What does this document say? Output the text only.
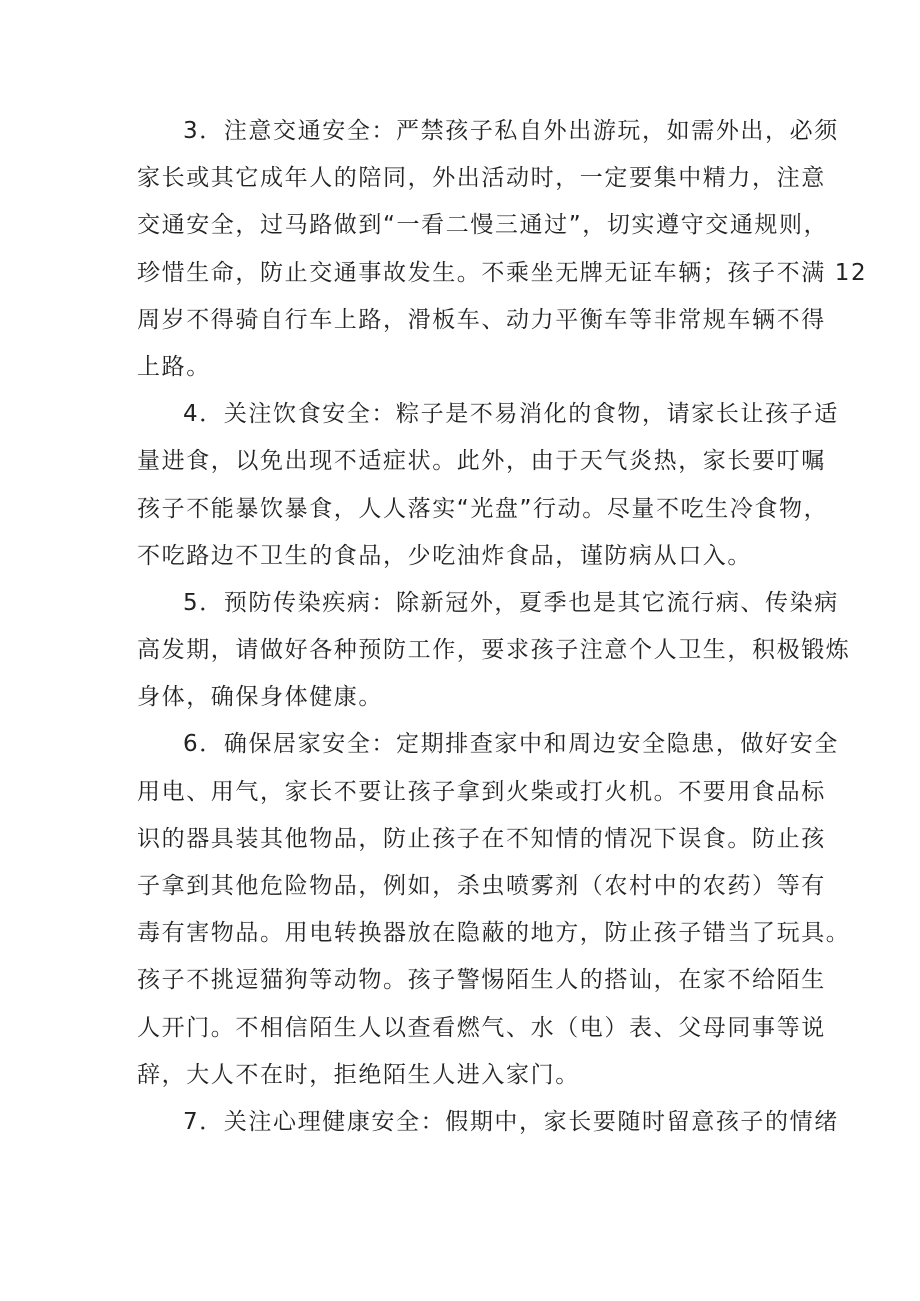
3．注意交通安全：严禁孩子私自外出游玩，如需外出，必须
家长或其它成年人的陪同，外出活动时，一定要集中精力，注意
交通安全，过马路做到“一看二慢三通过”，切实遵守交通规则，
珍惜生命，防止交通事故发生。不乘坐无牌无证车辆；孩子不满 12
周岁不得骑自行车上路，滑板车、动力平衡车等非常规车辆不得
上路。
4．关注饮食安全：粽子是不易消化的食物，请家长让孩子适
量进食，以免出现不适症状。此外，由于天气炎热，家长要叮嘱
孩子不能暴饮暴食，人人落实“光盘”行动。尽量不吃生冷食物，
不吃路边不卫生的食品，少吃油炸食品，谨防病从口入。
5．预防传染疾病：除新冠外，夏季也是其它流行病、传染病
高发期，请做好各种预防工作，要求孩子注意个人卫生，积极锻炼
身体，确保身体健康。
6．确保居家安全：定期排查家中和周边安全隐患，做好安全
用电、用气，家长不要让孩子拿到火柴或打火机。不要用食品标
识的器具装其他物品，防止孩子在不知情的情况下误食。防止孩
子拿到其他危险物品，例如，杀虫喷雾剂（农村中的农药）等有
毒有害物品。用电转换器放在隐蔽的地方，防止孩子错当了玩具。
孩子不挑逗猫狗等动物。孩子警惕陌生人的搭讪，在家不给陌生
人开门。不相信陌生人以查看燃气、水（电）表、父母同事等说
辞，大人不在时，拒绝陌生人进入家门。
7．关注心理健康安全：假期中，家长要随时留意孩子的情绪
